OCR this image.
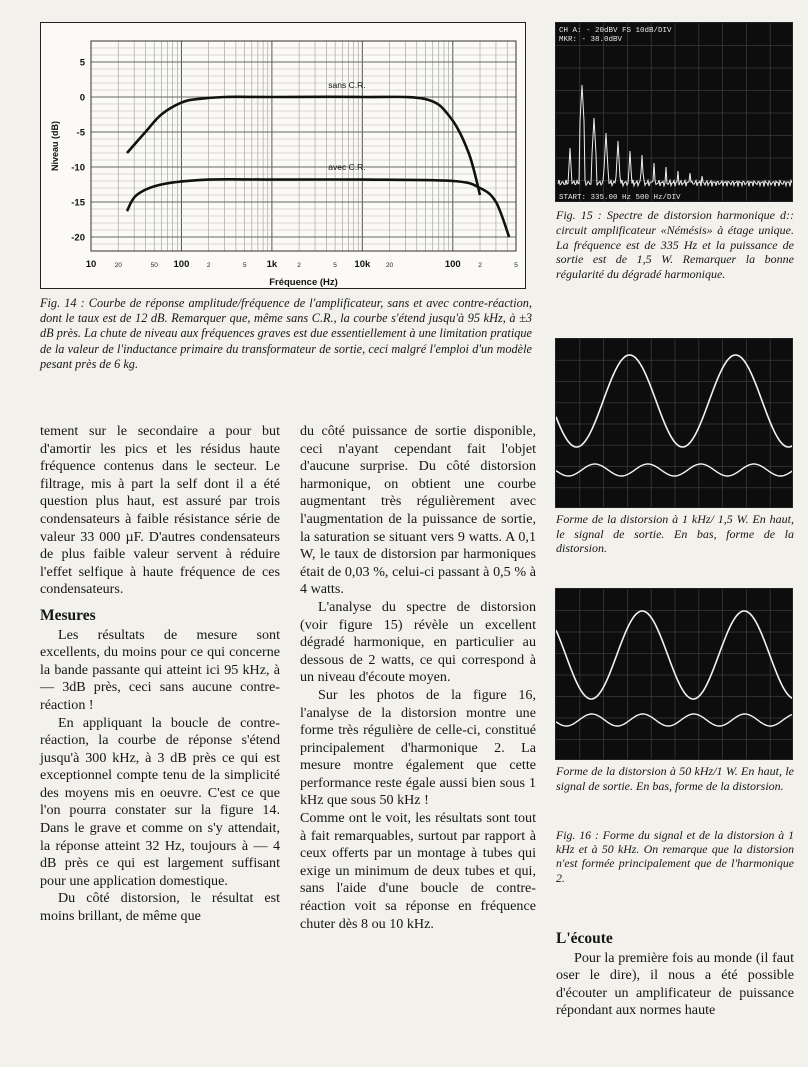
5
0
-5
-10
-15
-20
10	100	1k	10k	100
20	50	2	5	2	5	20	2	5
Fréquence (Hz)
Niveau (dB)
sans C.R.
avec C.R.
Fig. 14 : Courbe de réponse amplitude/fréquence de l'amplificateur, sans et avec contre-réaction, dont le taux est de 12 dB. Remarquer que, même sans C.R., la courbe s'étend jusqu'à 95 kHz, à ±3 dB près. La chute de niveau aux fréquences graves est due essentiellement à une limitation pratique de la valeur de l'inductance primaire du transformateur de sortie, ceci malgré l'emploi d'un modèle pesant près de 6 kg.
CH A: - 20dBV FS 10dB/DIV
MKR: - 38.0dBV
START: 335.00 Hz 500 Hz/DIV
Fig. 15 : Spectre de distorsion harmonique d:: circuit amplificateur «Némésis» à étage unique. La fréquence est de 335 Hz et la puissance de sortie est de 1,5 W. Remarquer la bonne régularité du dégradé harmonique.
Forme de la distorsion à 1 kHz/ 1,5 W. En haut, le signal de sortie. En bas, forme de la distorsion.
Forme de la distorsion à 50 kHz/1 W. En haut, le signal de sortie. En bas, forme de la distorsion.
Fig. 16 : Forme du signal et de la distorsion à 1 kHz et à 50 kHz. On remarque que la distorsion n'est formée principalement que de l'harmonique 2.

tement sur le secondaire a pour but d'amortir les pics et les résidus haute fréquence contenus dans le secteur. Le filtrage, mis à part la self dont il a été question plus haut, est assuré par trois condensateurs à faible résistance série de valeur 33 000 µF. D'autres condensateurs de plus faible valeur servent à réduire l'effet selfique à haute fréquence de ces condensateurs.

Mesures

Les résultats de mesure sont excellents, du moins pour ce qui concerne la bande passante qui atteint ici 95 kHz, à — 3dB près, ceci sans aucune contre-réaction !

En appliquant la boucle de contre-réaction, la courbe de réponse s'étend jusqu'à 300 kHz, à 3 dB près ce qui est exceptionnel compte tenu de la simplicité des moyens mis en oeuvre. C'est ce que l'on pourra constater sur la figure 14. Dans le grave et comme on s'y attendait, la réponse atteint 32 Hz, toujours à — 4 dB près ce qui est largement suffisant pour une application domestique.

Du côté distorsion, le résultat est moins brillant, de même que

du côté puissance de sortie disponible, ceci n'ayant cependant fait l'objet d'aucune surprise. Du côté distorsion harmonique, on obtient une courbe augmentant très régulièrement avec l'augmentation de la puissance de sortie, la saturation se situant vers 9 watts. A 0,1 W, le taux de distorsion par harmoniques était de 0,03 %, celui-ci passant à 0,5 % à 4 watts.

L'analyse du spectre de distorsion (voir figure 15) révèle un excellent dégradé harmonique, en particulier au dessous de 2 watts, ce qui correspond à un niveau d'écoute moyen.

Sur les photos de la figure 16, l'analyse de la distorsion montre une forme très régulière de celle-ci, constitué principalement d'harmonique 2. La mesure montre également que cette performance reste égale aussi bien sous 1 kHz que sous 50 kHz !

Comme ont le voit, les résultats sont tout à fait remarquables, surtout par rapport à ceux offerts par un montage à tubes qui exige un minimum de deux tubes et qui, sans l'aide d'une boucle de contre-réaction voit sa réponse en fréquence chuter dès 8 ou 10 kHz.

L'écoute

Pour la première fois au monde (il faut oser le dire), il nous a été possible d'écouter un amplificateur de puissance répondant aux normes haute
